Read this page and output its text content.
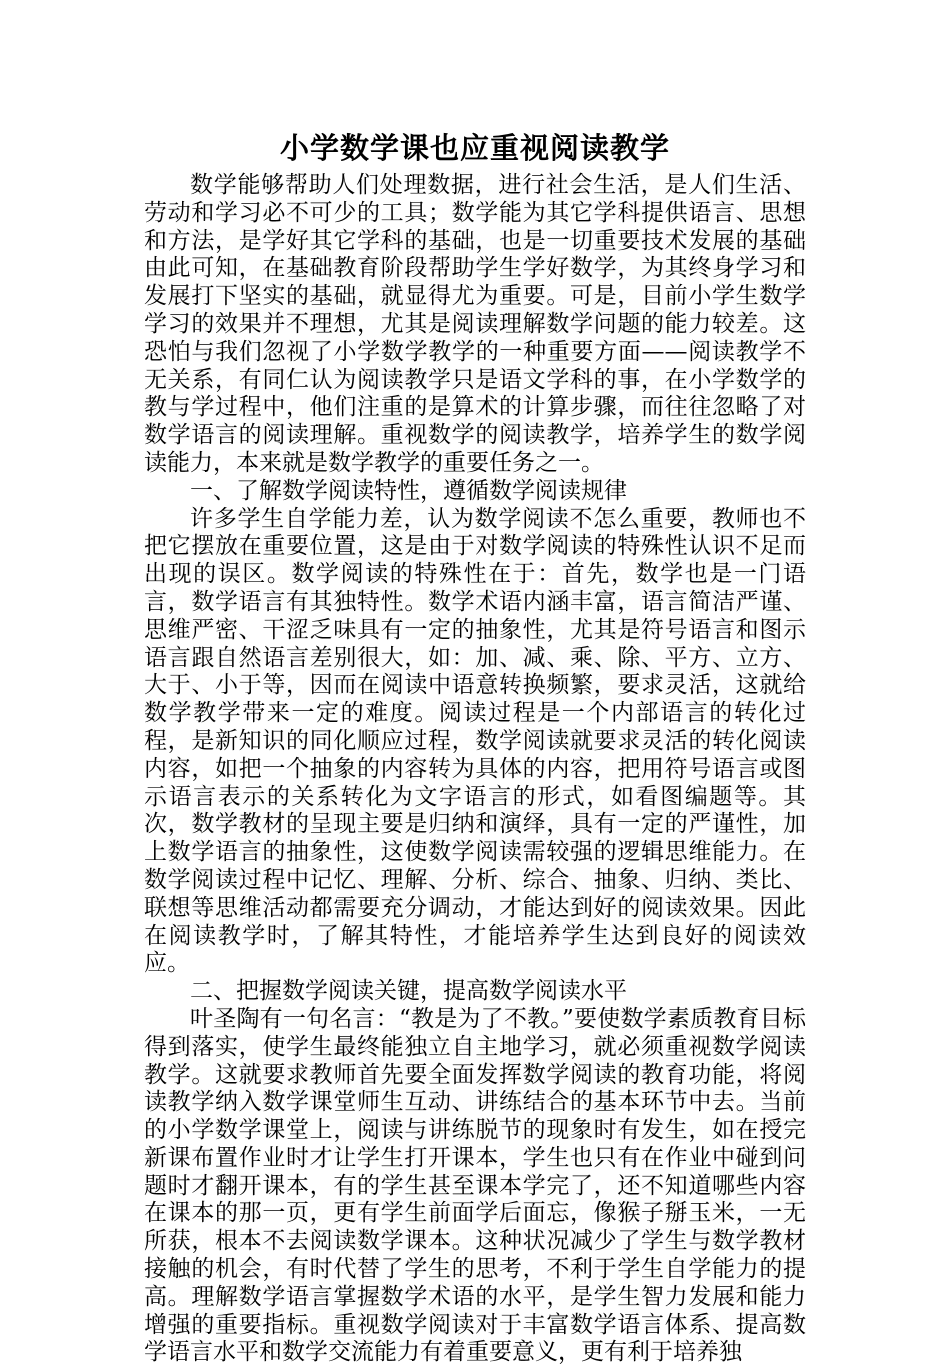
小学数学课也应重视阅读教学

数学能够帮助人们处理数据，进行社会生活，是人们生活、劳动和学习必不可少的工具；数学能为其它学科提供语言、思想和方法，是学好其它学科的基础，也是一切重要技术发展的基础由此可知，在基础教育阶段帮助学生学好数学，为其终身学习和发展打下坚实的基础，就显得尤为重要。可是，目前小学生数学学习的效果并不理想，尤其是阅读理解数学问题的能力较差。这恐怕与我们忽视了小学数学教学的一种重要方面——阅读教学不无关系，有同仁认为阅读教学只是语文学科的事，在小学数学的教与学过程中，他们注重的是算术的计算步骤，而往往忽略了对数学语言的阅读理解。重视数学的阅读教学，培养学生的数学阅读能力，本来就是数学教学的重要任务之一。

一、了解数学阅读特性，遵循数学阅读规律

许多学生自学能力差，认为数学阅读不怎么重要，教师也不把它摆放在重要位置，这是由于对数学阅读的特殊性认识不足而出现的误区。数学阅读的特殊性在于：首先，数学也是一门语言，数学语言有其独特性。数学术语内涵丰富，语言简洁严谨、思维严密、干涩乏味具有一定的抽象性，尤其是符号语言和图示语言跟自然语言差别很大，如：加、减、乘、除、平方、立方、大于、小于等，因而在阅读中语意转换频繁，要求灵活，这就给数学教学带来一定的难度。阅读过程是一个内部语言的转化过程，是新知识的同化顺应过程，数学阅读就要求灵活的转化阅读内容，如把一个抽象的内容转为具体的内容，把用符号语言或图示语言表示的关系转化为文字语言的形式，如看图编题等。其次，数学教材的呈现主要是归纳和演绎，具有一定的严谨性，加上数学语言的抽象性，这使数学阅读需较强的逻辑思维能力。在数学阅读过程中记忆、理解、分析、综合、抽象、归纳、类比、联想等思维活动都需要充分调动，才能达到好的阅读效果。因此在阅读教学时，了解其特性，才能培养学生达到良好的阅读效应。

二、把握数学阅读关键，提高数学阅读水平

叶圣陶有一句名言：“教是为了不教。”要使数学素质教育目标得到落实，使学生最终能独立自主地学习，就必须重视数学阅读教学。这就要求教师首先要全面发挥数学阅读的教育功能，将阅读教学纳入数学课堂师生互动、讲练结合的基本环节中去。当前的小学数学课堂上，阅读与讲练脱节的现象时有发生，如在授完新课布置作业时才让学生打开课本，学生也只有在作业中碰到问题时才翻开课本，有的学生甚至课本学完了，还不知道哪些内容在课本的那一页，更有学生前面学后面忘，像猴子掰玉米，一无所获，根本不去阅读数学课本。这种状况减少了学生与数学教材接触的机会，有时代替了学生的思考，不利于学生自学能力的提高。理解数学语言掌握数学术语的水平，是学生智力发展和能力增强的重要指标。重视数学阅读对于丰富数学语言体系、提高数学语言水平和数学交流能力有着重要意义，更有利于培养独
